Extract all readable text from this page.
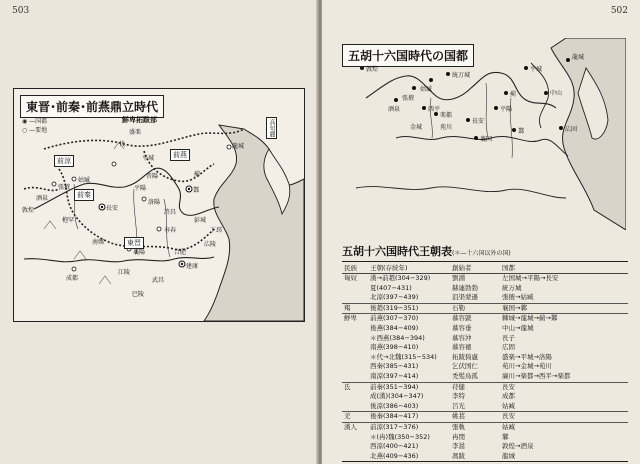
503
東晋･前秦･前燕鼎立時代
◉ —国都
○ —要地
鮮卑拓跋部	高句麗
前涼
前燕
前秦
東晋
盛楽
代	龍城
薊
鄴
長安
建康
襄陽
洛陽
姑臧
張掖
酒泉
敦煌
成都
江陵
寿春
広陵
武昌
平城
晋陽
平陽
枹罕
南鄭
彭城
下邳
許昌
合肥
巴陵
502
五胡十六国時代の国都
敦煌
酒泉
張掖
姑臧
統万城
長安
平陽
平城
鄴
中山
薊
龍城
広固
襄国
西平
楽都
苑川
金城
五胡十六国時代王朝表(＊―十六国以外の国)
民族	王朝(存続年)	創始者	国都
匈奴	漢→前趙(304−329)	劉淵	左国城→平陽→長安
	夏(407−431)	赫連勃勃	統万城
	北涼(397−439)	沮渠蒙遜	張掖→姑臧
羯	後趙(319−351)	石勒	襄国→鄴
鮮卑	前燕(307−370)	慕容皝	棘城→龍城→薊→鄴
	後燕(384−409)	慕容垂	中山→龍城
	＊西燕(384−394)	慕容沖	長子
	南燕(398−410)	慕容徳	広固
	＊代→北魏(315−534)	拓跋猗盧	盛楽→平城→洛陽
	西秦(385−431)	乞伏国仁	苑川→金城→苑川
	南涼(397−414)	禿髪烏孤	廉川→楽都→西平→楽都
氐	前秦(351−394)	苻健	長安
	成(漢)(304−347)	李特	成都
	後涼(386−403)	呂光	姑臧
羌	後秦(384−417)	姚萇	長安
漢人	前涼(317−376)	張軌	姑臧
	＊(冉)魏(350−352)	冉閔	鄴
	西涼(400−421)	李暠	敦煌→酒泉
	北燕(409−436)	馮跋	龍城
